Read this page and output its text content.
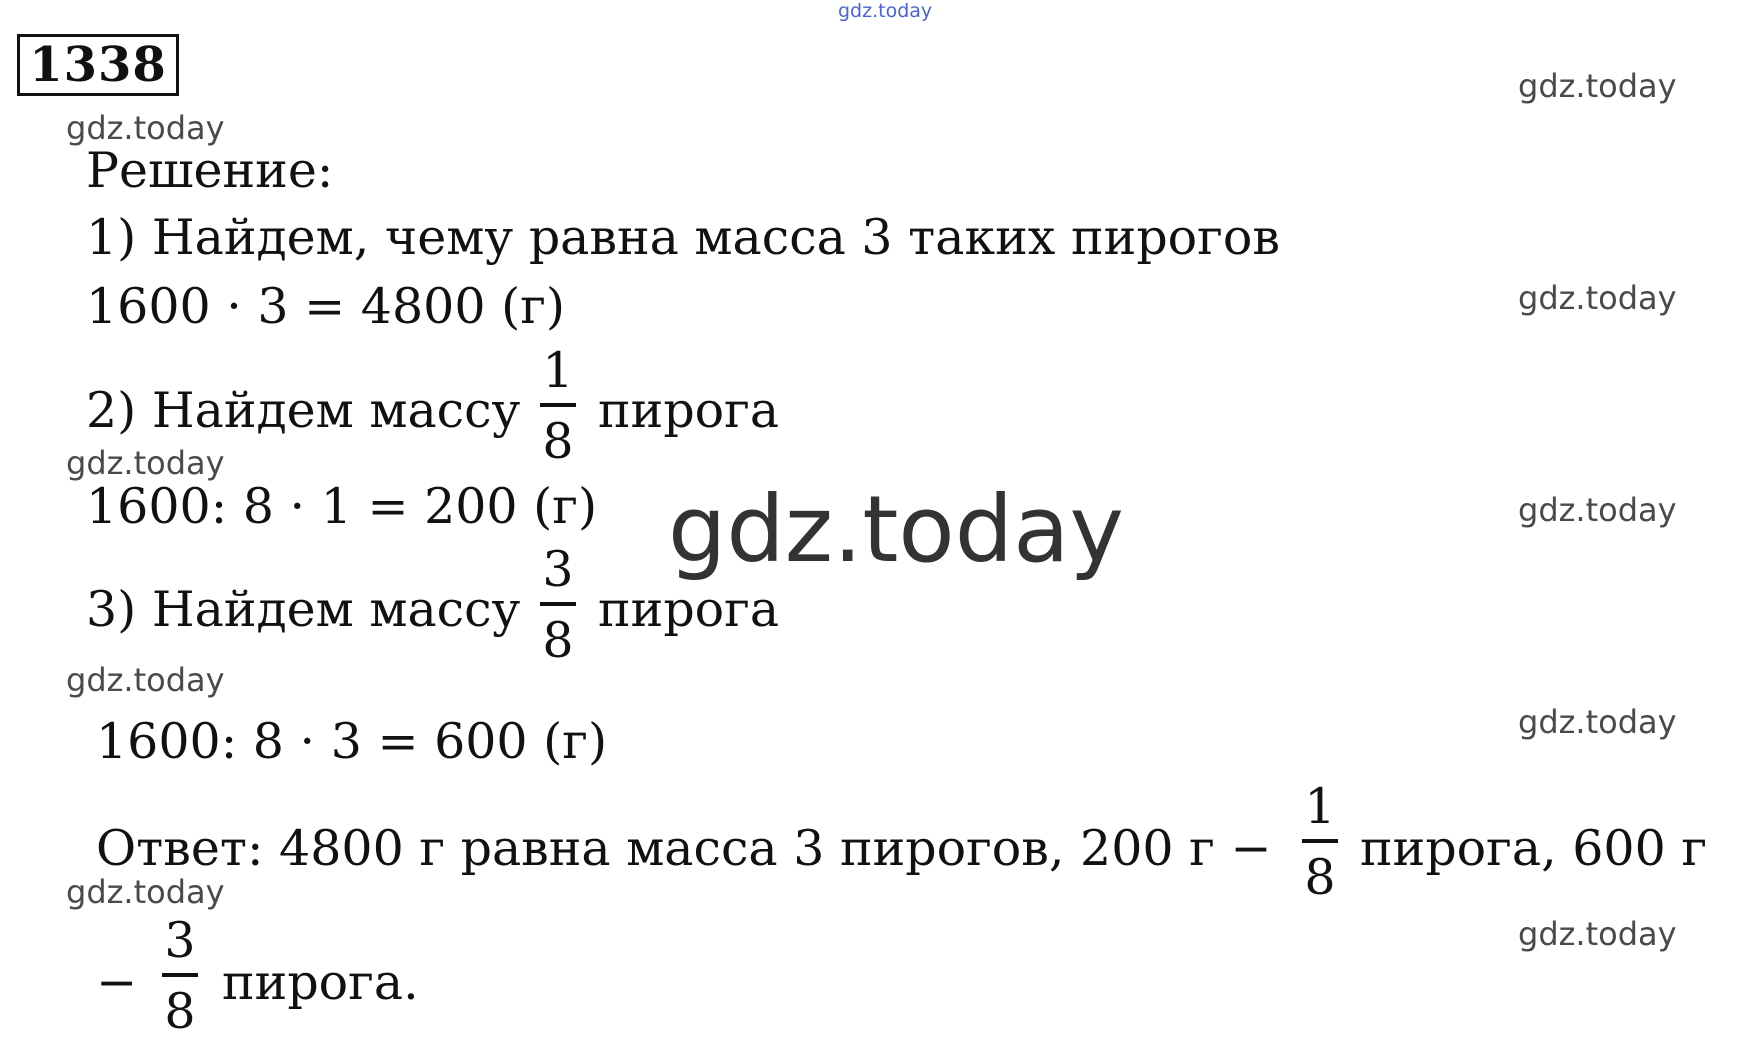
gdz.today
gdz.today
gdz.today
gdz.today
gdz.today
gdz.today
gdz.today
gdz.today
gdz.today
gdz.today
1338
Решение:
1) Найдем, чему равна масса 3 таких пирогов
1600 · 3 = 4800 (г)
2) Найдем массу
1
8
пирога
1600: 8 · 1 = 200 (г)
3) Найдем массу
3
8
пирога
1600: 8 · 3 = 600 (г)
Ответ: 4800 г равна масса 3 пирогов, 200 г −
1
8
пирога, 600 г
−
3
8
пирога.
gdz.today
